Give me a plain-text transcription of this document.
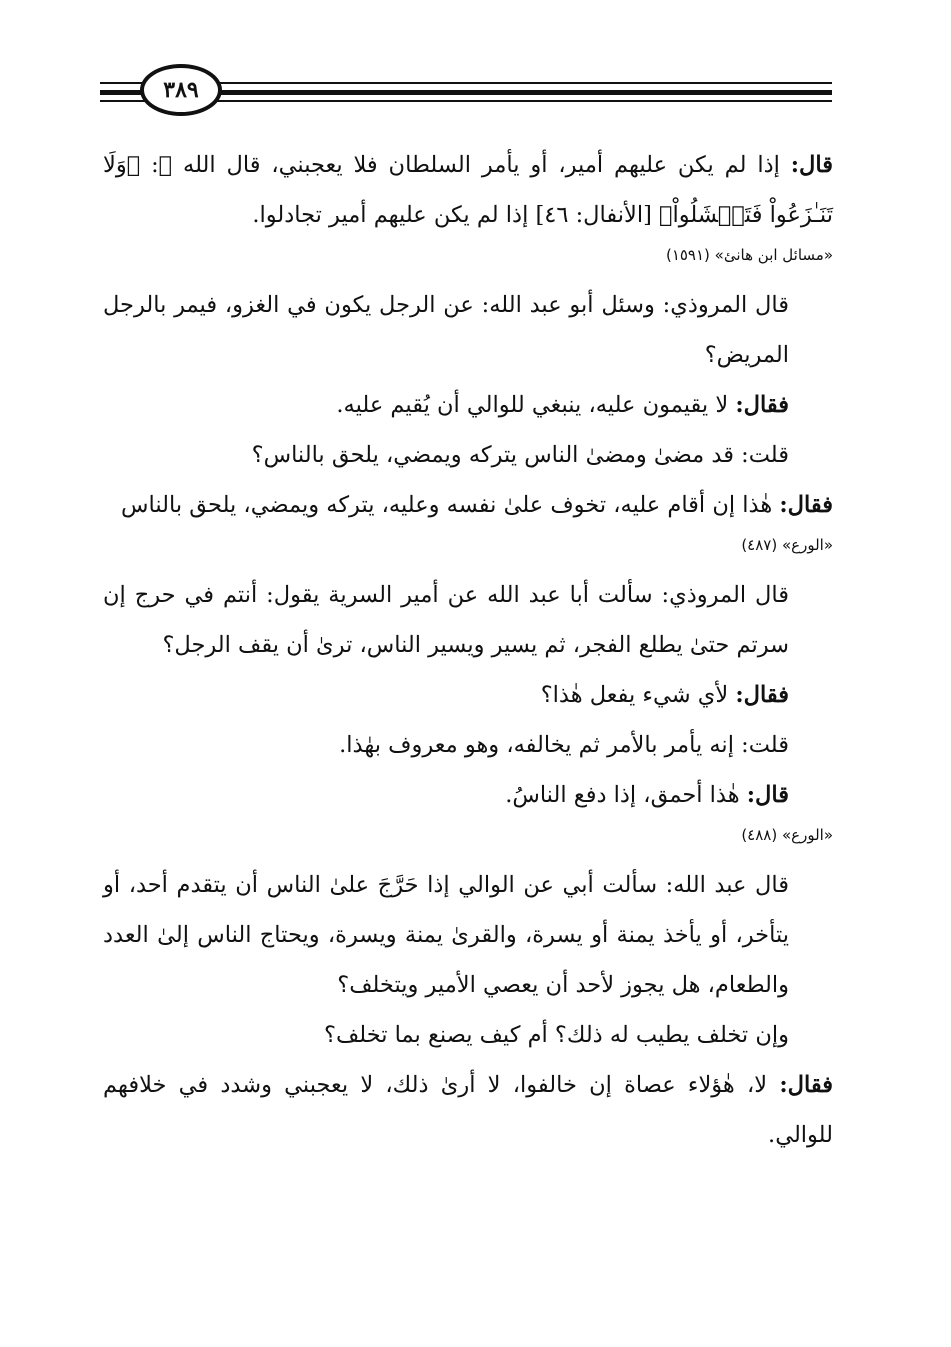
٣٨٩

قال: إذا لم يكن عليهم أمير، أو يأمر السلطان فلا يعجبني، قال الله ﷻ: ﴿وَلَا تَنَـٰزَعُواْ فَتَفۡشَلُواْ﴾ [الأنفال: ٤٦] إذا لم يكن عليهم أمير تجادلوا.

«مسائل ابن هانئ» (١٥٩١)

قال المروذي: وسئل أبو عبد الله: عن الرجل يكون في الغزو، فيمر بالرجل المريض؟

فقال: لا يقيمون عليه، ينبغي للوالي أن يُقيم عليه.

قلت: قد مضىٰ ومضىٰ الناس يتركه ويمضي، يلحق بالناس؟

فقال: هٰذا إن أقام عليه، تخوف علىٰ نفسه وعليه، يتركه ويمضي، يلحق بالناس

«الورع» (٤٨٧)

قال المروذي: سألت أبا عبد الله عن أمير السرية يقول: أنتم في حرج إن سرتم حتىٰ يطلع الفجر، ثم يسير ويسير الناس، ترىٰ أن يقف الرجل؟

فقال: لأي شيء يفعل هٰذا؟

قلت: إنه يأمر بالأمر ثم يخالفه، وهو معروف بهٰذا.

قال: هٰذا أحمق، إذا دفع الناسُ.

«الورع» (٤٨٨)

قال عبد الله: سألت أبي عن الوالي إذا حَرَّجَ علىٰ الناس أن يتقدم أحد، أو يتأخر، أو يأخذ يمنة أو يسرة، والقرىٰ يمنة ويسرة، ويحتاج الناس إلىٰ العدد والطعام، هل يجوز لأحد أن يعصي الأمير ويتخلف؟

وإن تخلف يطيب له ذلك؟ أم كيف يصنع بما تخلف؟

فقال: لا، هٰؤلاء عصاة إن خالفوا، لا أرىٰ ذلك، لا يعجبني وشدد في خلافهم للوالي.
